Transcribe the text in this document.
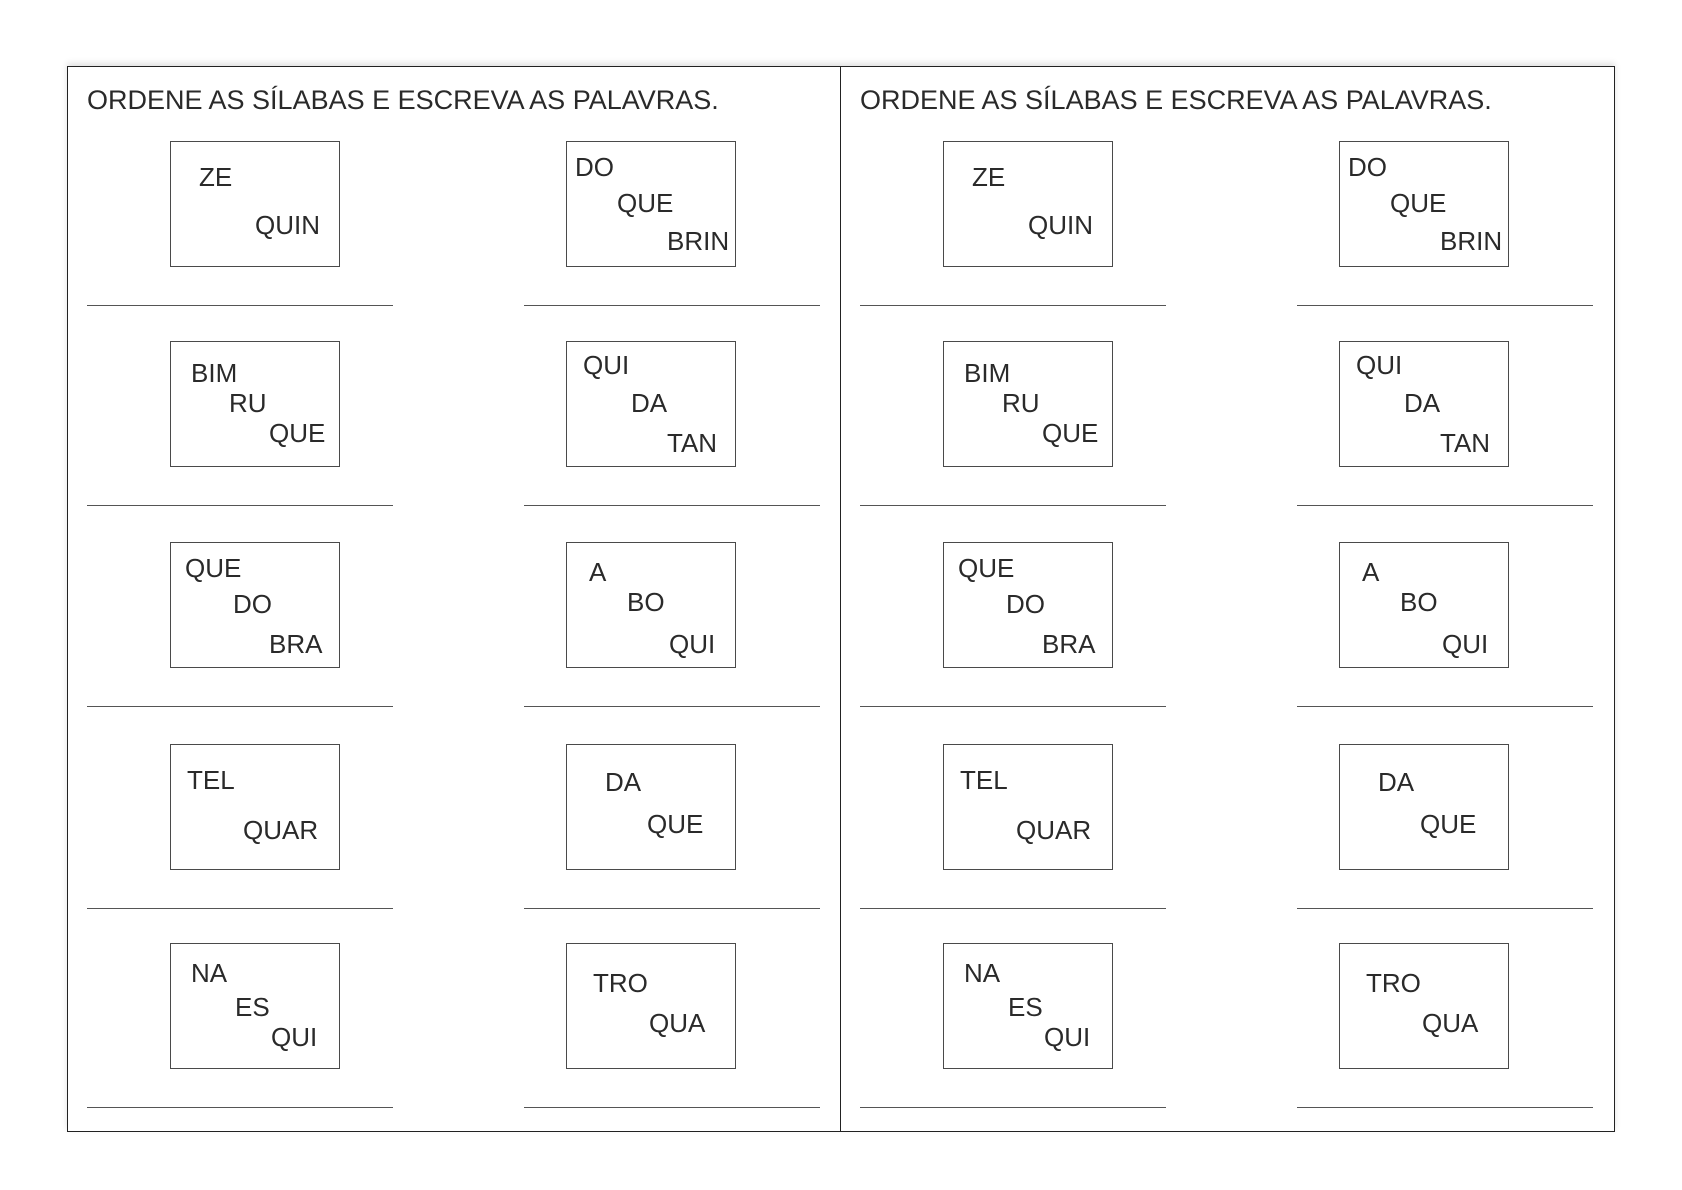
ORDENE AS SÍLABAS E ESCREVA AS PALAVRAS.
ZE
QUIN
DO
QUE
BRIN
BIM
RU
QUE
QUI
DA
TAN
QUE
DO
BRA
A
BO
QUI
TEL
QUAR
DA
QUE
NA
ES
QUI
TRO
QUA
ORDENE AS SÍLABAS E ESCREVA AS PALAVRAS.
ZE
QUIN
DO
QUE
BRIN
BIM
RU
QUE
QUI
DA
TAN
QUE
DO
BRA
A
BO
QUI
TEL
QUAR
DA
QUE
NA
ES
QUI
TRO
QUA
